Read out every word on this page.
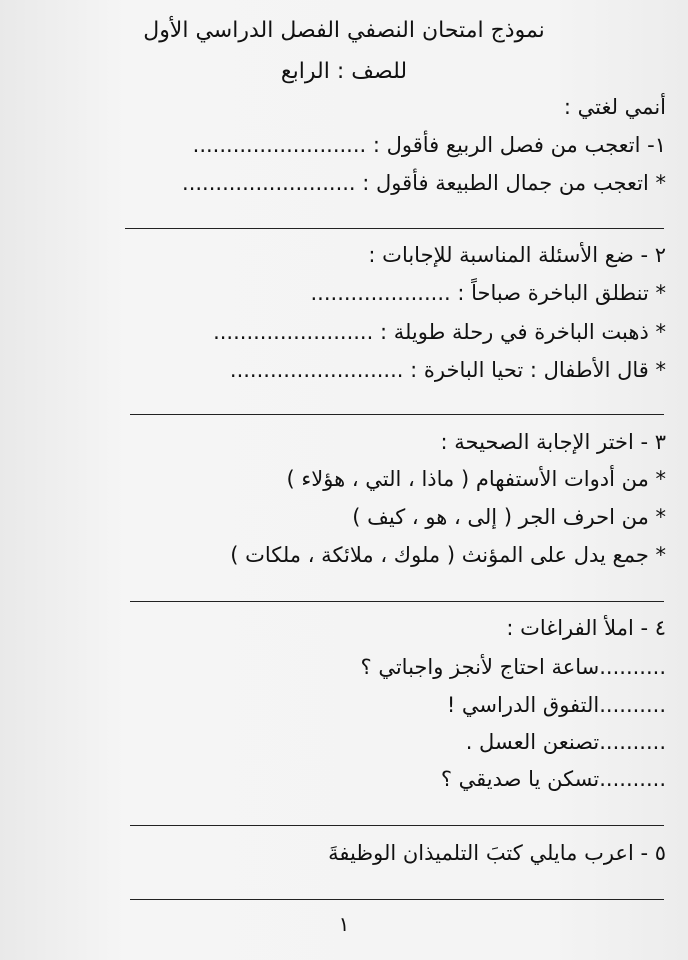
نموذج امتحان النصفي الفصل الدراسي الأول
للصف : الرابع
أنمي لغتي :
١- اتعجب من فصل الربيع فأقول : ..........................
* اتعجب من جمال الطبيعة فأقول : ..........................
٢ - ضع الأسئلة المناسبة للإجابات :
* تنطلق الباخرة صباحاً : .....................
* ذهبت الباخرة في رحلة طويلة : ........................
* قال الأطفال : تحيا الباخرة : ..........................
٣ - اختر الإجابة الصحيحة :
* من أدوات الأستفهام ( ماذا ، التي ، هؤلاء )
* من احرف الجر ( إلى ، هو ، كيف )
* جمع يدل على المؤنث ( ملوك ، ملائكة ، ملكات )
٤ - املأ الفراغات :
..........ساعة احتاج لأنجز واجباتي ؟
..........التفوق الدراسي !
..........تصنعن العسل .
..........تسكن يا صديقي ؟
٥ - اعرب مايلي كتبَ التلميذان الوظيفةَ
١
